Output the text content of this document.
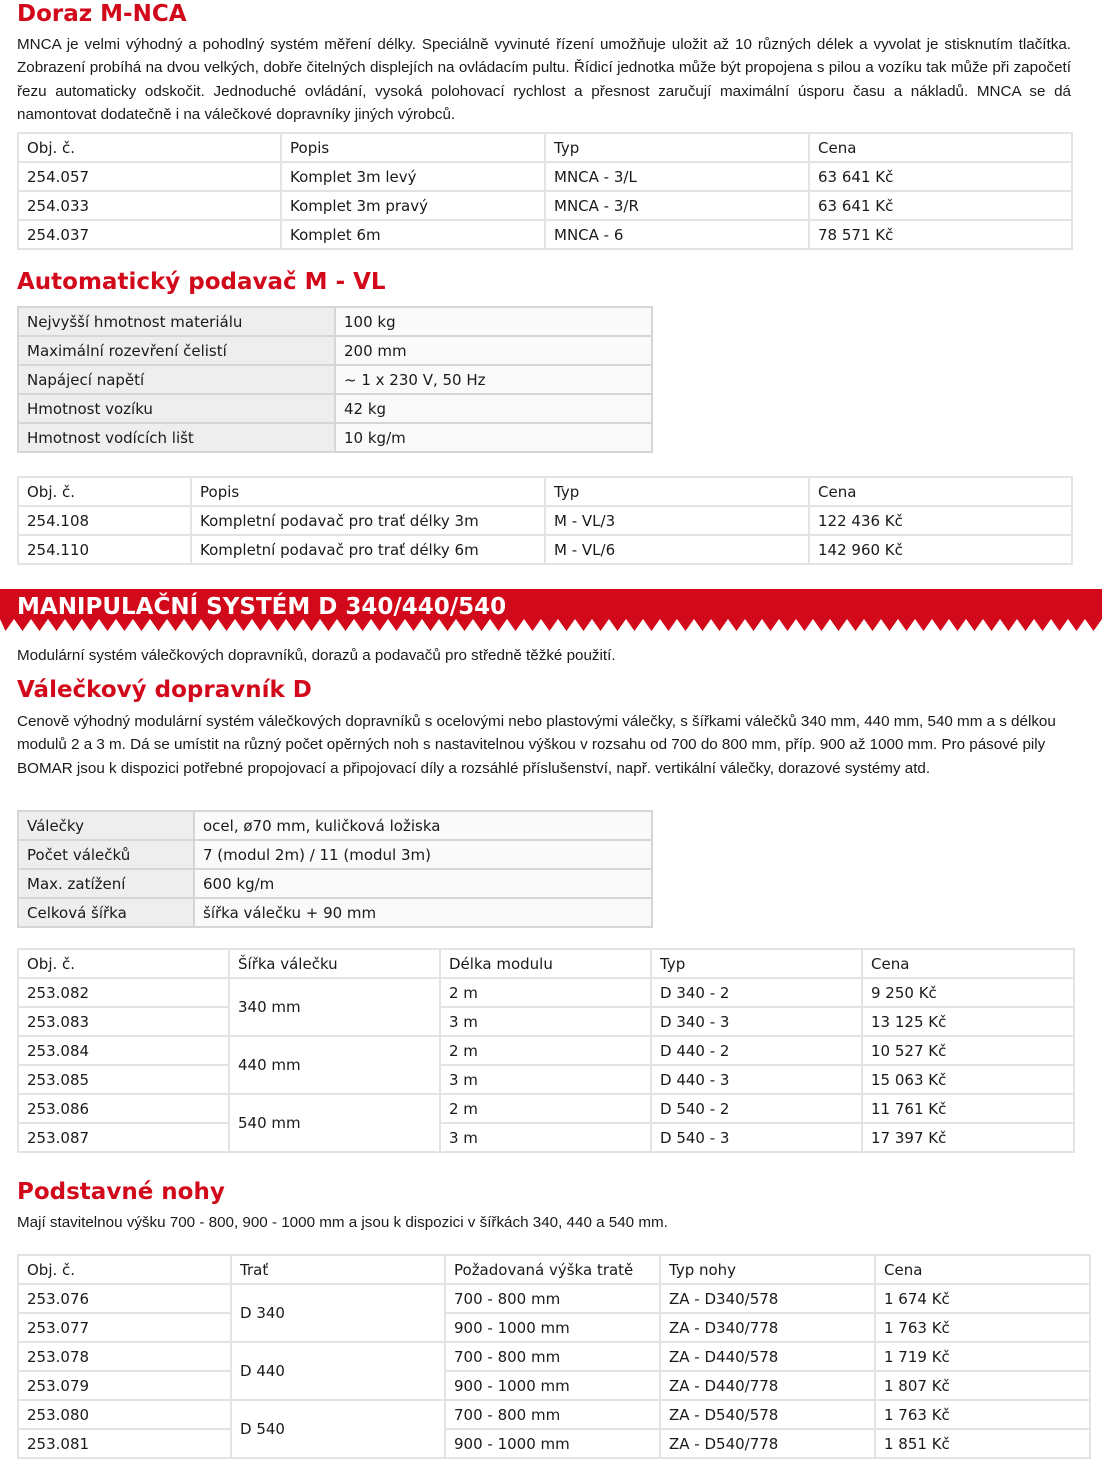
Doraz M-NCA

MNCA je velmi výhodný a pohodlný systém měření délky. Speciálně vyvinuté řízení umožňuje uložit až 10 různých délek a vyvolat je stisknutím tlačítka. Zobrazení probíhá na dvou velkých, dobře čitelných displejích na ovládacím pultu. Řídicí jednotka může být propojena s pilou a vozíku tak může při započetí řezu automaticky odskočit. Jednoduché ovládání, vysoká polohovací rychlost a přesnost zaručují maximální úsporu času a nákladů. MNCA se dá namontovat dodatečně i na válečkové dopravníky jiných výrobců.

Obj. č.	Popis	Typ	Cena
254.057	Komplet 3m levý	MNCA - 3/L	63 641 Kč
254.033	Komplet 3m pravý	MNCA - 3/R	63 641 Kč
254.037	Komplet 6m	MNCA - 6	78 571 Kč
Automatický podavač M - VL
Nejvyšší hmotnost materiálu	100 kg
Maximální rozevření čelistí	200 mm
Napájecí napětí	~ 1 x 230 V, 50 Hz
Hmotnost vozíku	42 kg
Hmotnost vodících lišt	10 kg/m
Obj. č.	Popis	Typ	Cena
254.108	Kompletní podavač pro trať délky 3m	M - VL/3	122 436 Kč
254.110	Kompletní podavač pro trať délky 6m	M - VL/6	142 960 Kč
MANIPULAČNÍ SYSTÉM D 340/440/540

Modulární systém válečkových dopravníků, dorazů a podavačů pro středně těžké použití.

Válečkový dopravník D

Cenově výhodný modulární systém válečkových dopravníků s ocelovými nebo plastovými válečky, s šířkami válečků 340 mm, 440 mm, 540 mm a s délkou modulů 2 a 3 m. Dá se umístit na různý počet opěrných noh s nastavitelnou výškou v rozsahu od 700 do 800 mm, příp. 900 až 1000 mm. Pro pásové pily BOMAR jsou k dispozici potřebné propojovací a připojovací díly a rozsáhlé příslušenství, např. vertikální válečky, dorazové systémy atd.

Válečky	ocel, ø70 mm, kuličková ložiska
Počet válečků	7 (modul 2m) / 11 (modul 3m)
Max. zatížení	600 kg/m
Celková šířka	šířka válečku + 90 mm
Obj. č.	Šířka válečku	Délka modulu	Typ	Cena
253.082	340 mm	2 m	D 340 - 2	9 250 Kč
253.083		3 m	D 340 - 3	13 125 Kč
253.084	440 mm	2 m	D 440 - 2	10 527 Kč
253.085		3 m	D 440 - 3	15 063 Kč
253.086	540 mm	2 m	D 540 - 2	11 761 Kč
253.087		3 m	D 540 - 3	17 397 Kč
Podstavné nohy

Mají stavitelnou výšku 700 - 800, 900 - 1000 mm a jsou k dispozici v šířkách 340, 440 a 540 mm.

Obj. č.	Trať	Požadovaná výška tratě	Typ nohy	Cena
253.076	D 340	700 - 800 mm	ZA - D340/578	1 674 Kč
253.077		900 - 1000 mm	ZA - D340/778	1 763 Kč
253.078	D 440	700 - 800 mm	ZA - D440/578	1 719 Kč
253.079		900 - 1000 mm	ZA - D440/778	1 807 Kč
253.080	D 540	700 - 800 mm	ZA - D540/578	1 763 Kč
253.081		900 - 1000 mm	ZA - D540/778	1 851 Kč
